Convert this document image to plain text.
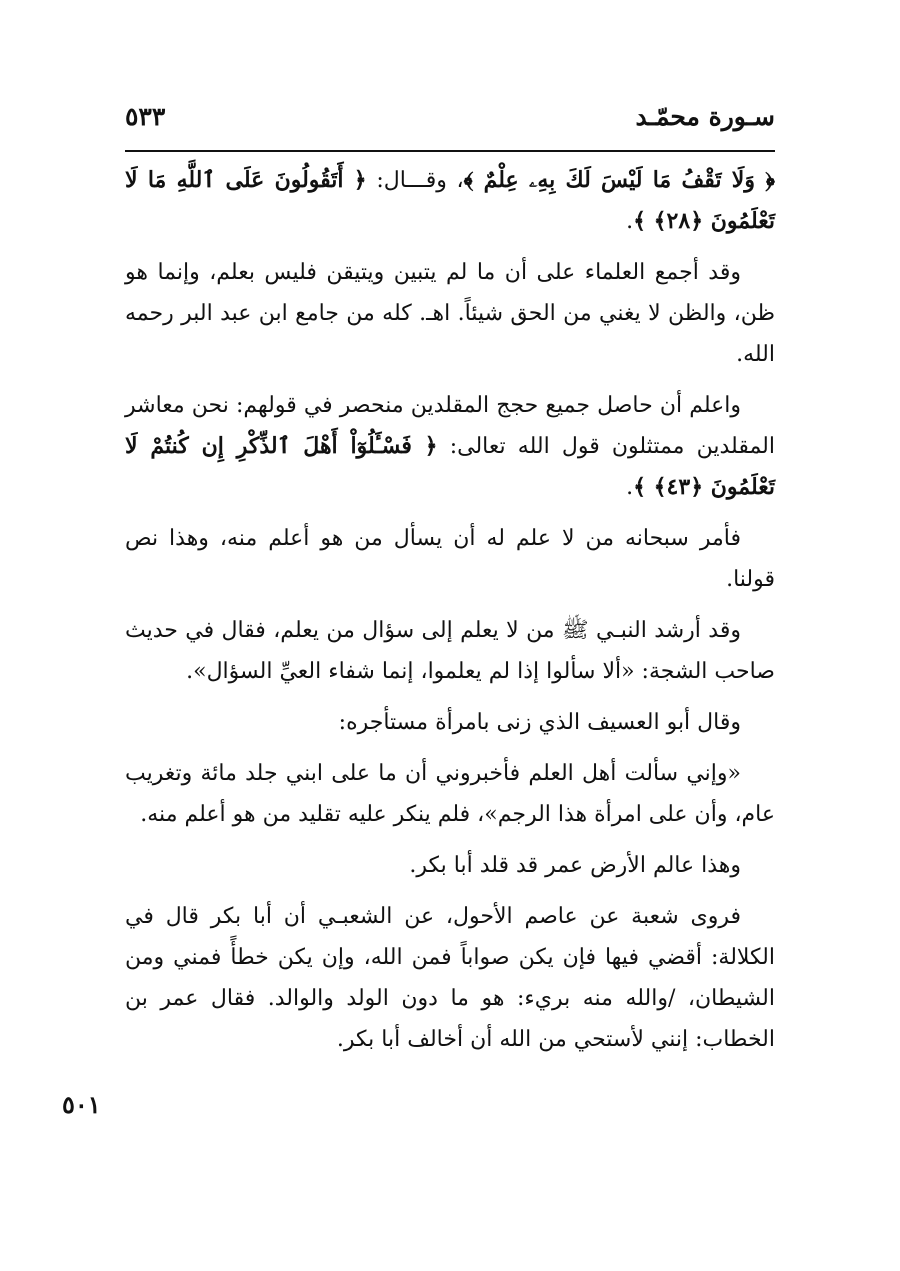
سـورة محمّـد
٥٣٣

﴿ وَلَا تَقْفُ مَا لَيْسَ لَكَ بِهِۦ عِلْمٌ ﴾، وقـــال: ﴿ أَتَقُولُونَ عَلَى ٱللَّهِ مَا لَا تَعْلَمُونَ ﴿٢٨﴾ ﴾.

وقد أجمع العلماء على أن ما لم يتبين ويتيقن فليس بعلم، وإنما هو ظن، والظن لا يغني من الحق شيئاً. اهـ. كله من جامع ابن عبد البر رحمه الله.

واعلم أن حاصل جميع حجج المقلدين منحصر في قولهم: نحن معاشر المقلدين ممتثلون قول الله تعالى: ﴿ فَسْـَٔلُوٓاْ أَهْلَ ٱلذِّكْرِ إِن كُنتُمْ لَا تَعْلَمُونَ ﴿٤٣﴾ ﴾.

فأمر سبحانه من لا علم له أن يسأل من هو أعلم منه، وهذا نص قولنا.

وقد أرشد النبـي ﷺ من لا يعلم إلى سؤال من يعلم، فقال في حديث صاحب الشجة: «ألا سألوا إذا لم يعلموا، إنما شفاء العيِّ السؤال».

وقال أبو العسيف الذي زنى بامرأة مستأجره:

«وإني سألت أهل العلم فأخبروني أن ما على ابني جلد مائة وتغريب عام، وأن على امرأة هذا الرجم»، فلم ينكر عليه تقليد من هو أعلم منه.

وهذا عالم الأرض عمر قد قلد أبا بكر.

فروى شعبة عن عاصم الأحول، عن الشعبـي أن أبا بكر قال في الكلالة: أقضي فيها فإن يكن صواباً فمن الله، وإن يكن خطأً فمني ومن الشيطان، /والله منه بريء: هو ما دون الولد والوالد. فقال عمر بن الخطاب: إنني لأستحي من الله أن أخالف أبا بكر.

٥٠١
